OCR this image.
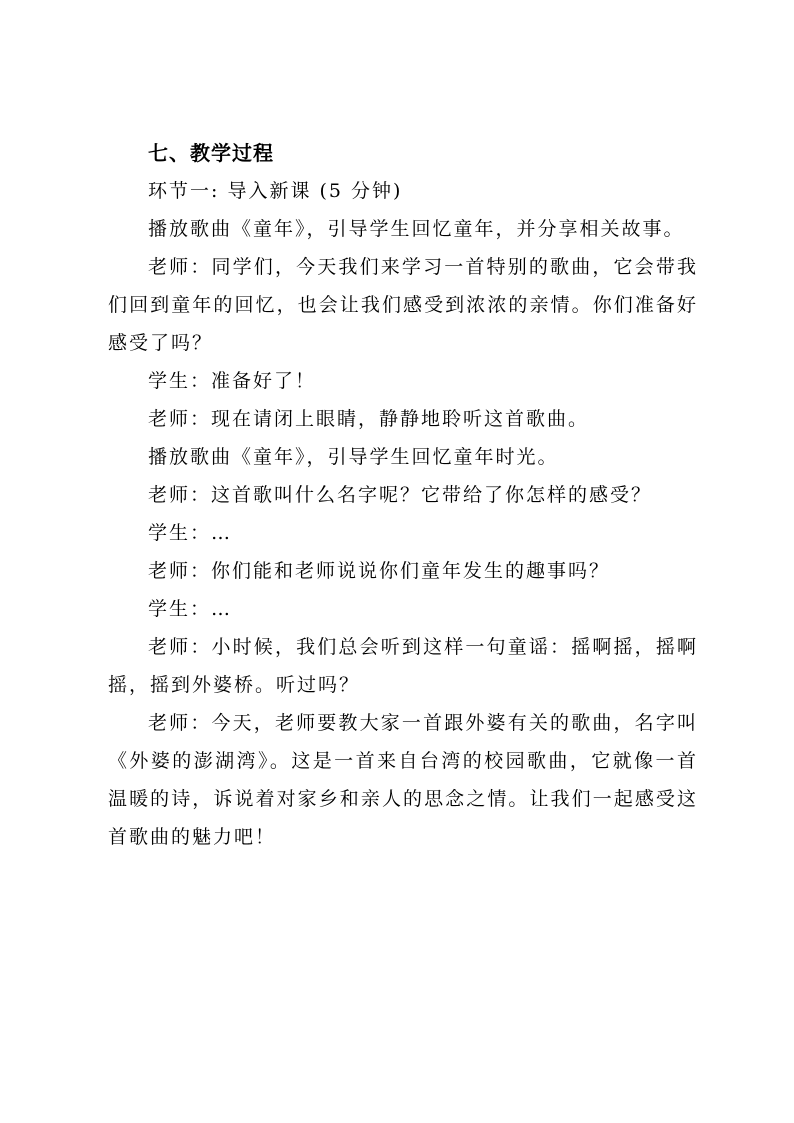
七、教学过程

环节一: 导入新课 (5 分钟)

播放歌曲《童年》，引导学生回忆童年，并分享相关故事。

老师：同学们，今天我们来学习一首特别的歌曲，它会带我们回到童年的回忆，也会让我们感受到浓浓的亲情。你们准备好感受了吗？

学生：准备好了！

老师：现在请闭上眼睛，静静地聆听这首歌曲。

播放歌曲《童年》，引导学生回忆童年时光。

老师：这首歌叫什么名字呢？它带给了你怎样的感受？

学生：…

老师：你们能和老师说说你们童年发生的趣事吗？

学生：…

老师：小时候，我们总会听到这样一句童谣：摇啊摇，摇啊摇，摇到外婆桥。听过吗？

老师：今天，老师要教大家一首跟外婆有关的歌曲，名字叫《外婆的澎湖湾》。这是一首来自台湾的校园歌曲，它就像一首温暖的诗，诉说着对家乡和亲人的思念之情。让我们一起感受这首歌曲的魅力吧！
